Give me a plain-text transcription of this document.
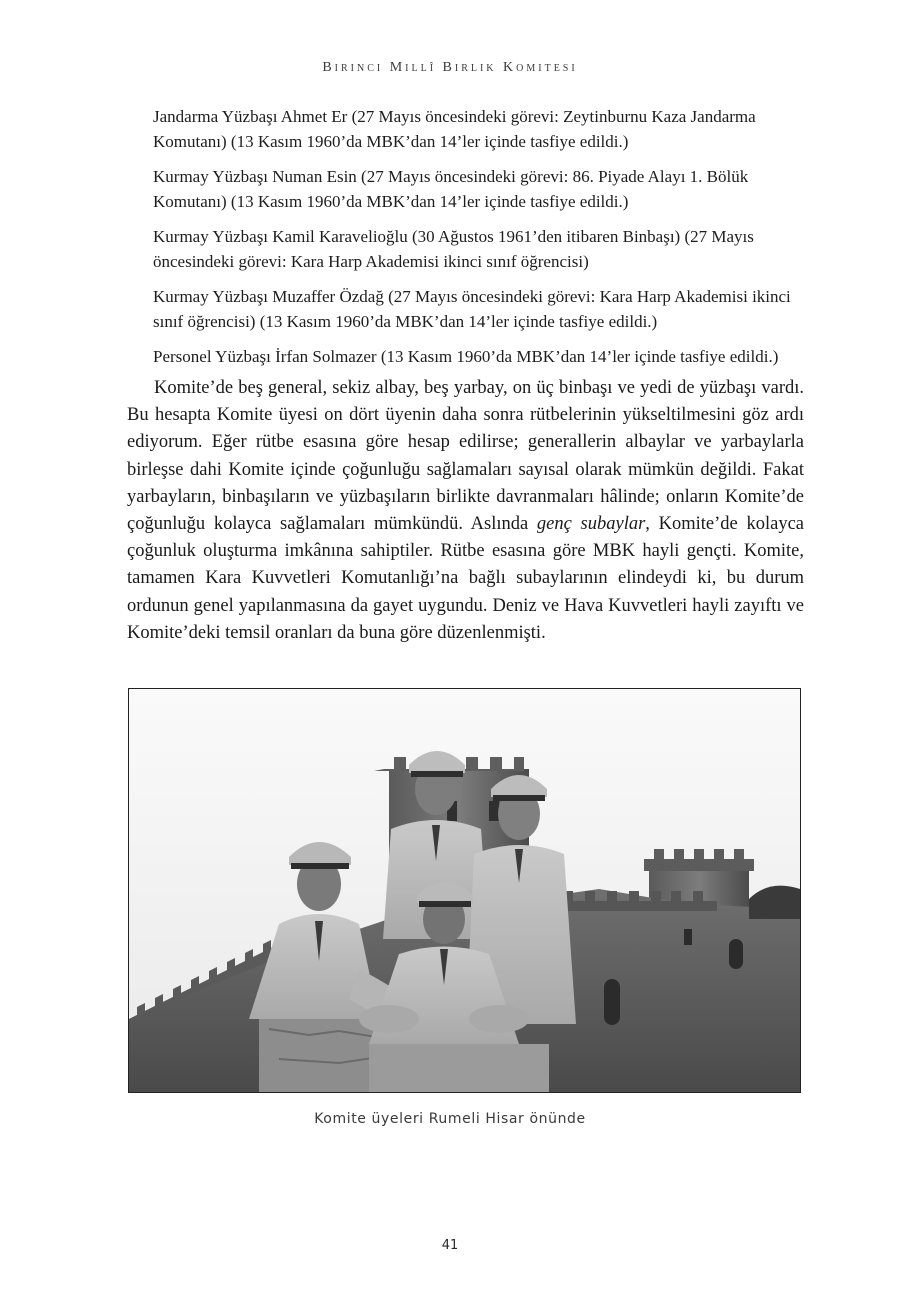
Birinci Millî Birlik Komitesi
Jandarma Yüzbaşı Ahmet Er (27 Mayıs öncesindeki görevi: Zeytinburnu Kaza Jandarma Komutanı) (13 Kasım 1960’da MBK’dan 14’ler içinde tasfiye edildi.)
Kurmay Yüzbaşı Numan Esin (27 Mayıs öncesindeki görevi: 86. Piyade Alayı 1. Bölük Komutanı) (13 Kasım 1960’da MBK’dan 14’ler içinde tasfiye edildi.)
Kurmay Yüzbaşı Kamil Karavelioğlu (30 Ağustos 1961’den itibaren Binbaşı) (27 Mayıs öncesindeki görevi: Kara Harp Akademisi ikinci sınıf öğrencisi)
Kurmay Yüzbaşı Muzaffer Özdağ (27 Mayıs öncesindeki görevi: Kara Harp Akademisi ikinci sınıf öğrencisi) (13 Kasım 1960’da MBK’dan 14’ler içinde tasfiye edildi.)
Personel Yüzbaşı İrfan Solmazer (13 Kasım 1960’da MBK’dan 14’ler içinde tasfiye edildi.)

Komite’de beş general, sekiz albay, beş yarbay, on üç binbaşı ve yedi de yüzbaşı vardı. Bu hesapta Komite üyesi on dört üyenin daha sonra rütbelerinin yükseltilmesini göz ardı ediyorum. Eğer rütbe esasına göre hesap edilirse; generallerin albaylar ve yarbaylarla birleşse dahi Komite içinde çoğunluğu sağlamaları sayısal olarak mümkün değildi. Fakat yarbayların, binbaşıların ve yüzbaşıların birlikte davranmaları hâlinde; onların Komite’de çoğunluğu kolayca sağlamaları mümkündü. Aslında genç subaylar, Komite’de kolayca çoğunluk oluşturma imkânına sahiptiler. Rütbe esasına göre MBK hayli gençti. Komite, tamamen Kara Kuvvetleri Komutanlığı’na bağlı subaylarının elindeydi ki, bu durum ordunun genel yapılanmasına da gayet uygundu. Deniz ve Hava Kuvvetleri hayli zayıftı ve Komite’deki temsil oranları da buna göre düzenlenmişti.

Komite üyeleri Rumeli Hisar önünde
41
